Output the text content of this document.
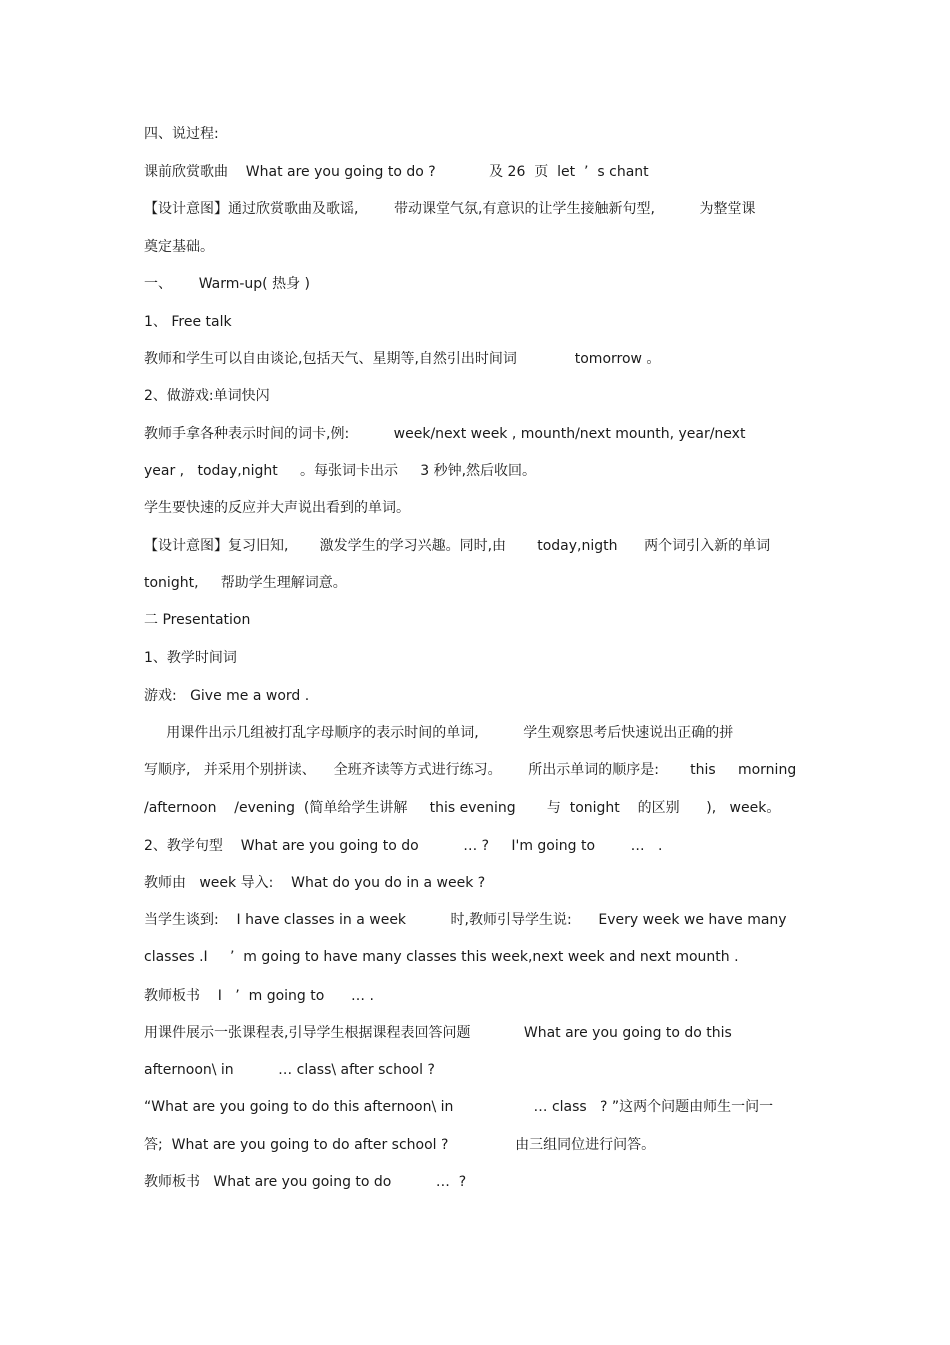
四、说过程:
课前欣赏歌曲    What are you going to do ?            及 26  页  let  ’  s chant
【设计意图】通过欣赏歌曲及歌谣,        带动课堂气氛,有意识的让学生接触新句型,          为整堂课
奠定基础。
一、      Warm-up( 热身 )
1、 Free talk
教师和学生可以自由谈论,包括天气、星期等,自然引出时间词             tomorrow 。
2、做游戏:单词快闪
教师手拿各种表示时间的词卡,例:          week/next week , mounth/next mounth, year/next
year ,   today,night     。每张词卡出示     3 秒钟,然后收回。
学生要快速的反应并大声说出看到的单词。
【设计意图】复习旧知,       激发学生的学习兴趣。同时,由       today,nigth      两个词引入新的单词
tonight,     帮助学生理解词意。
二 Presentation
1、教学时间词
游戏:   Give me a word .
用课件出示几组被打乱字母顺序的表示时间的单词,          学生观察思考后快速说出正确的拼
写顺序,   并采用个别拼读、    全班齐读等方式进行练习。      所出示单词的顺序是:       this     morning
/afternoon    /evening  (简单给学生讲解     this evening       与  tonight    的区别      ),   week。
2、教学句型    What are you going to do          … ?     I'm going to        …   .
教师由   week 导入:    What do you do in a week ?
当学生谈到:    I have classes in a week          时,教师引导学生说:      Every week we have many
classes .I     ’  m going to have many classes this week,next week and next mounth .
教师板书    I   ’  m going to      … .
用课件展示一张课程表,引导学生根据课程表回答问题            What are you going to do this
afternoon\ in          … class\ after school ?
“What are you going to do this afternoon\ in                  … class   ? ”这两个问题由师生一问一
答;  What are you going to do after school ?               由三组同位进行问答。
教师板书   What are you going to do          …  ?
